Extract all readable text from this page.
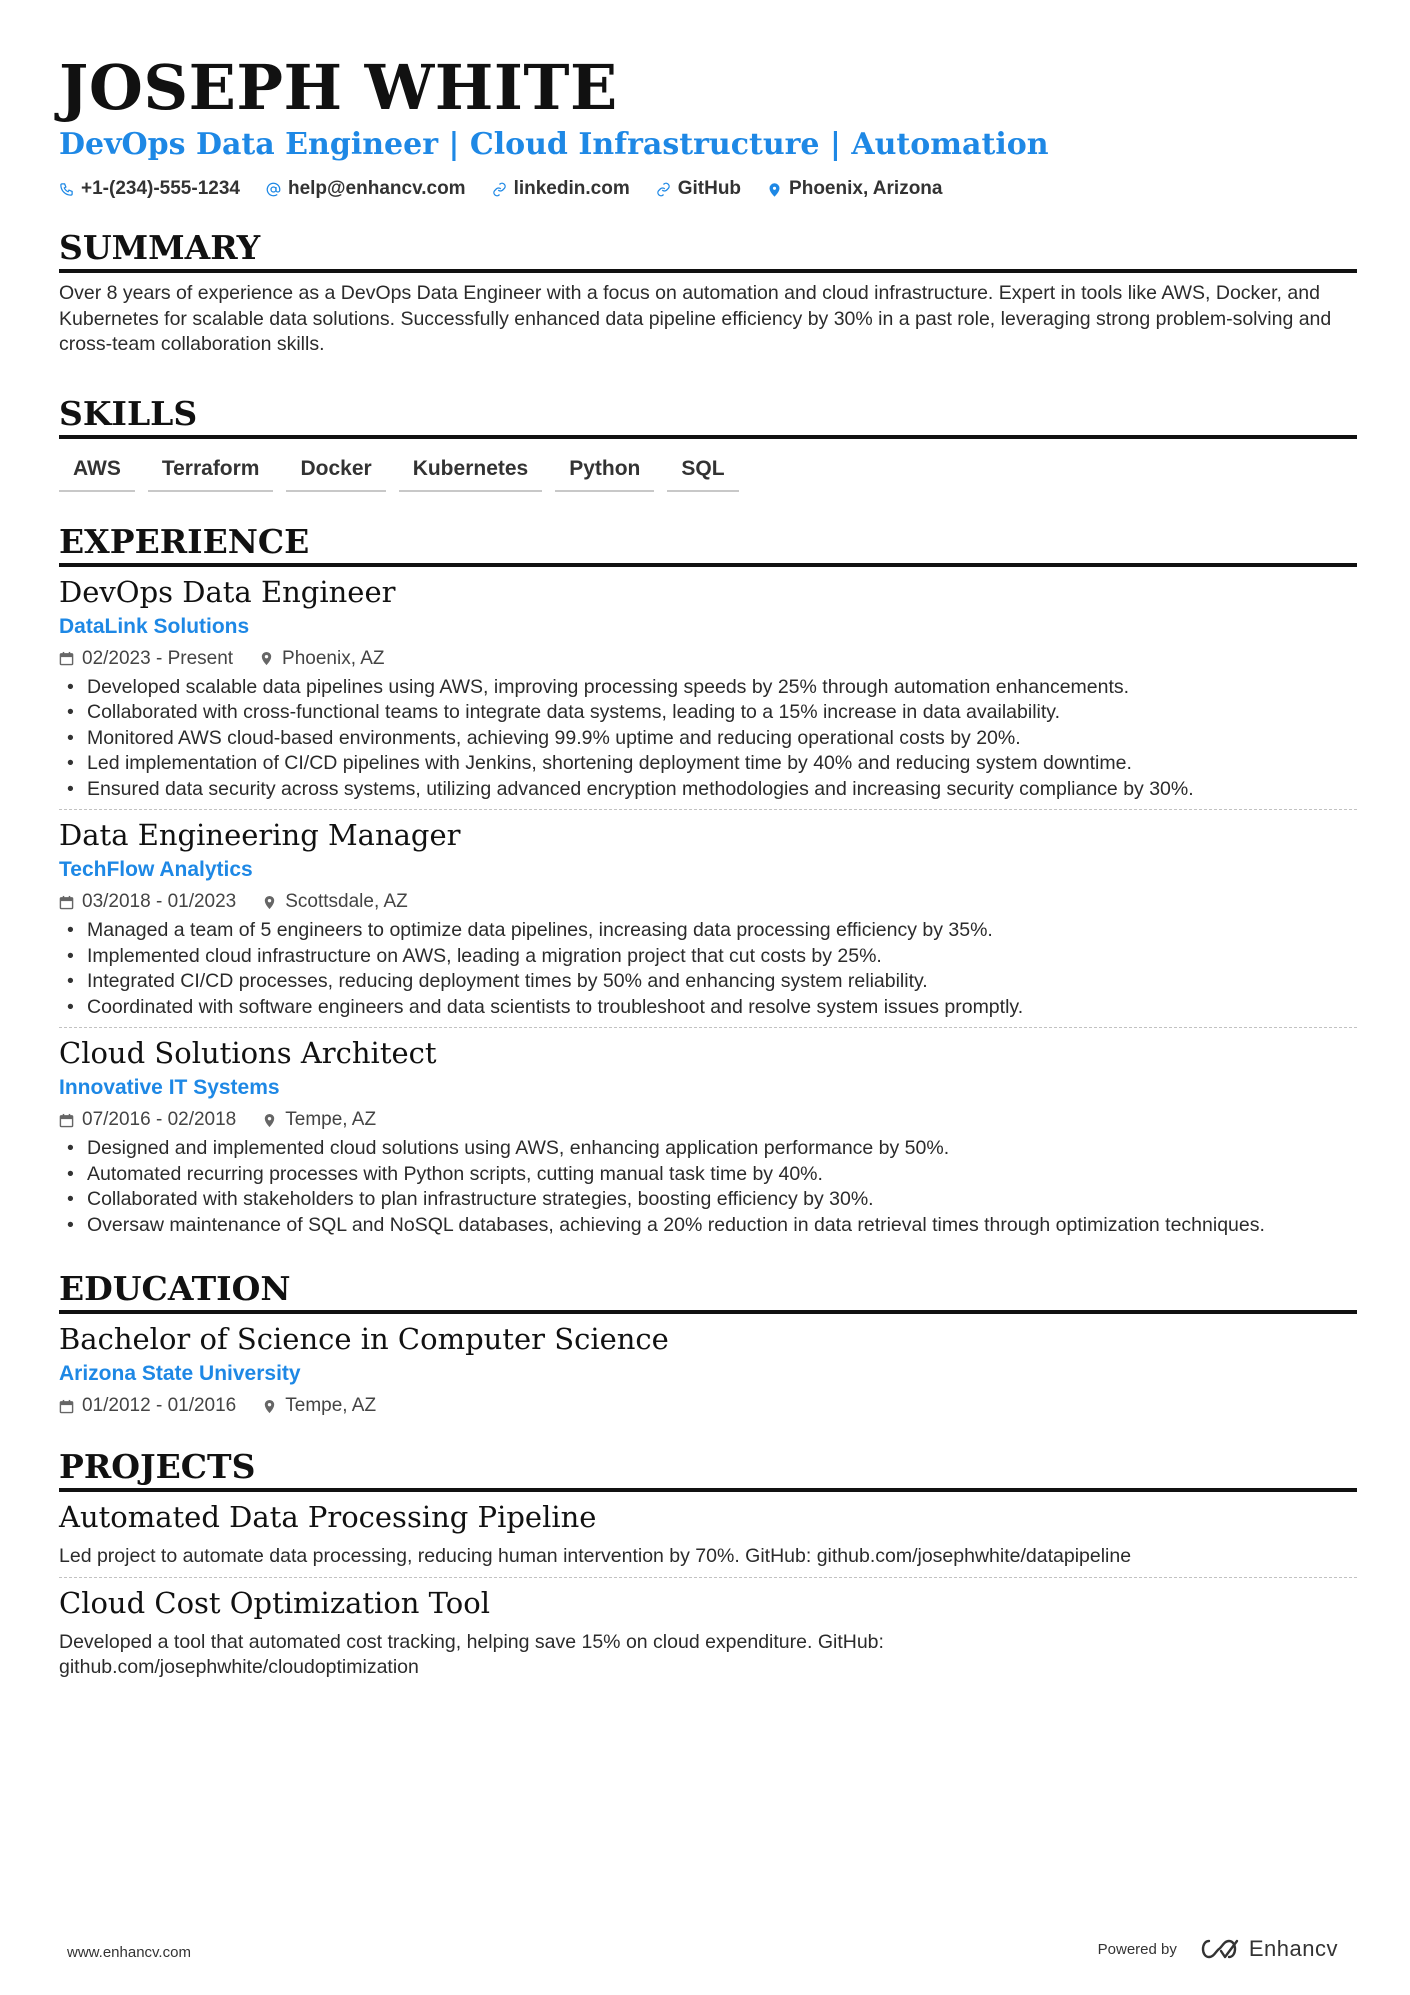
JOSEPH WHITE
DevOps Data Engineer | Cloud Infrastructure | Automation
+1-(234)-555-1234	help@enhancv.com	linkedin.com	GitHub	Phoenix, Arizona
SUMMARY
Over 8 years of experience as a DevOps Data Engineer with a focus on automation and cloud infrastructure. Expert in tools like AWS, Docker, and Kubernetes for scalable data solutions. Successfully enhanced data pipeline efficiency by 30% in a past role, leveraging strong problem-solving and cross-team collaboration skills.
SKILLS
AWS	Terraform	Docker	Kubernetes	Python	SQL
EXPERIENCE
DevOps Data Engineer
DataLink Solutions
02/2023 - Present	Phoenix, AZ
• Developed scalable data pipelines using AWS, improving processing speeds by 25% through automation enhancements.
• Collaborated with cross-functional teams to integrate data systems, leading to a 15% increase in data availability.
• Monitored AWS cloud-based environments, achieving 99.9% uptime and reducing operational costs by 20%.
• Led implementation of CI/CD pipelines with Jenkins, shortening deployment time by 40% and reducing system downtime.
• Ensured data security across systems, utilizing advanced encryption methodologies and increasing security compliance by 30%.
Data Engineering Manager
TechFlow Analytics
03/2018 - 01/2023	Scottsdale, AZ
• Managed a team of 5 engineers to optimize data pipelines, increasing data processing efficiency by 35%.
• Implemented cloud infrastructure on AWS, leading a migration project that cut costs by 25%.
• Integrated CI/CD processes, reducing deployment times by 50% and enhancing system reliability.
• Coordinated with software engineers and data scientists to troubleshoot and resolve system issues promptly.
Cloud Solutions Architect
Innovative IT Systems
07/2016 - 02/2018	Tempe, AZ
• Designed and implemented cloud solutions using AWS, enhancing application performance by 50%.
• Automated recurring processes with Python scripts, cutting manual task time by 40%.
• Collaborated with stakeholders to plan infrastructure strategies, boosting efficiency by 30%.
• Oversaw maintenance of SQL and NoSQL databases, achieving a 20% reduction in data retrieval times through optimization techniques.
EDUCATION
Bachelor of Science in Computer Science
Arizona State University
01/2012 - 01/2016	Tempe, AZ
PROJECTS
Automated Data Processing Pipeline
Led project to automate data processing, reducing human intervention by 70%. GitHub: github.com/josephwhite/datapipeline
Cloud Cost Optimization Tool
Developed a tool that automated cost tracking, helping save 15% on cloud expenditure. GitHub: github.com/josephwhite/cloudoptimization
www.enhancv.com	Powered by	Enhancv
